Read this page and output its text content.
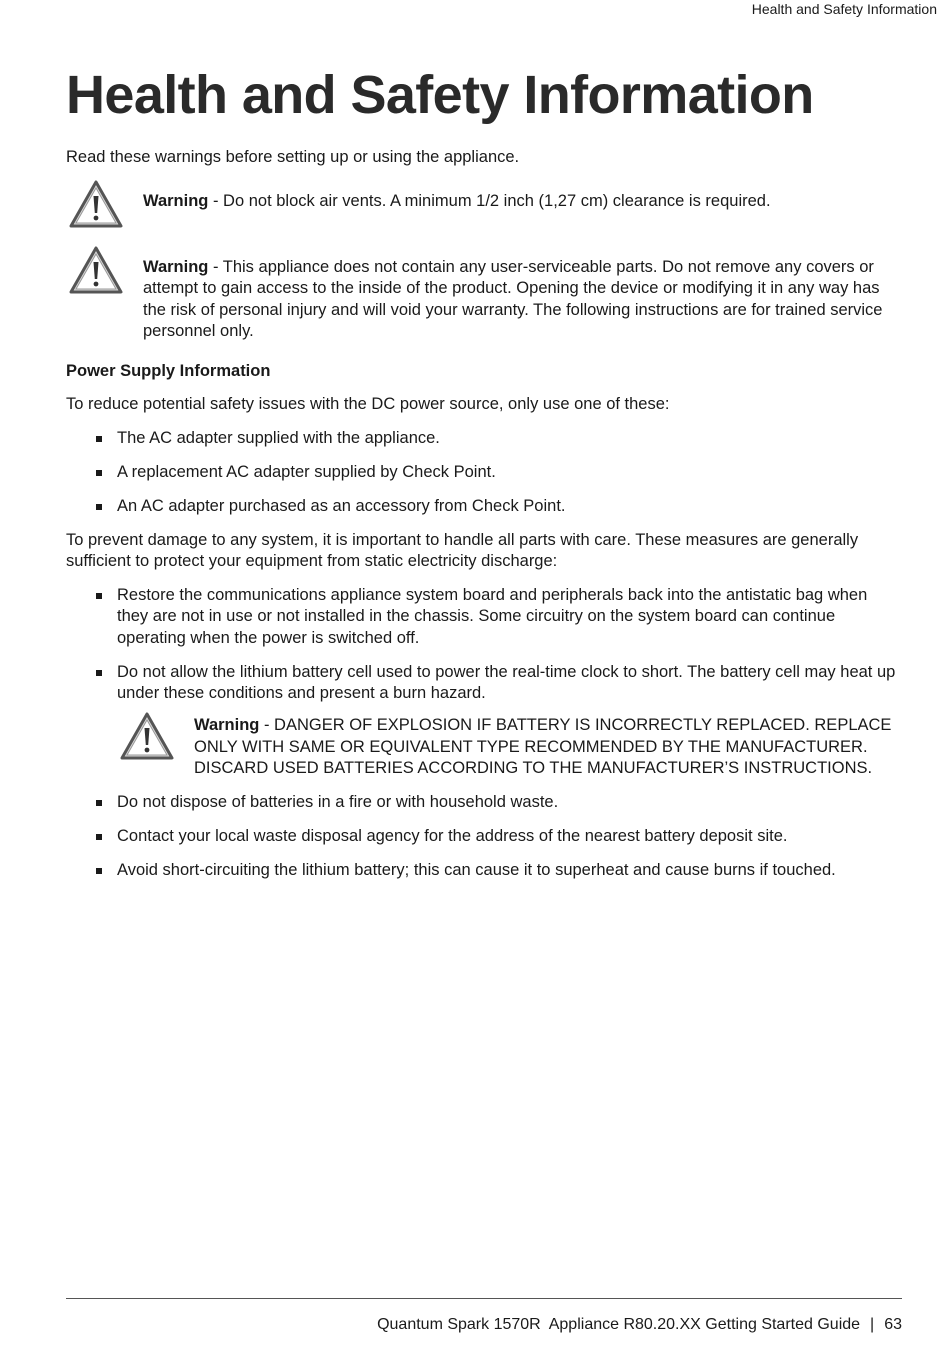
Health and Safety Information
Health and Safety Information

Read these warnings before setting up or using the appliance.

Warning - Do not block air vents. A minimum 1/2 inch (1,27 cm) clearance is required.

Warning - This appliance does not contain any user-serviceable parts. Do not remove any covers or attempt to gain access to the inside of the product. Opening the device or modifying it in any way has the risk of personal injury and will void your warranty. The following instructions are for trained service personnel only.

Power Supply Information

To reduce potential safety issues with the DC power source, only use one of these:

The AC adapter supplied with the appliance.
A replacement AC adapter supplied by Check Point.
An AC adapter purchased as an accessory from Check Point.

To prevent damage to any system, it is important to handle all parts with care. These measures are generally sufficient to protect your equipment from static electricity discharge:

Restore the communications appliance system board and peripherals back into the antistatic bag when they are not in use or not installed in the chassis. Some circuitry on the system board can continue operating when the power is switched off.
Do not allow the lithium battery cell used to power the real-time clock to short. The battery cell may heat up under these conditions and present a burn hazard.

Warning - DANGER OF EXPLOSION IF BATTERY IS INCORRECTLY REPLACED. REPLACE ONLY WITH SAME OR EQUIVALENT TYPE RECOMMENDED BY THE MANUFACTURER. DISCARD USED BATTERIES ACCORDING TO THE MANUFACTURER’S INSTRUCTIONS.

Do not dispose of batteries in a fire or with household waste.
Contact your local waste disposal agency for the address of the nearest battery deposit site.
Avoid short-circuiting the lithium battery; this can cause it to superheat and cause burns if touched.
Quantum Spark 1570R  Appliance R80.20.XX Getting Started Guide | 63
